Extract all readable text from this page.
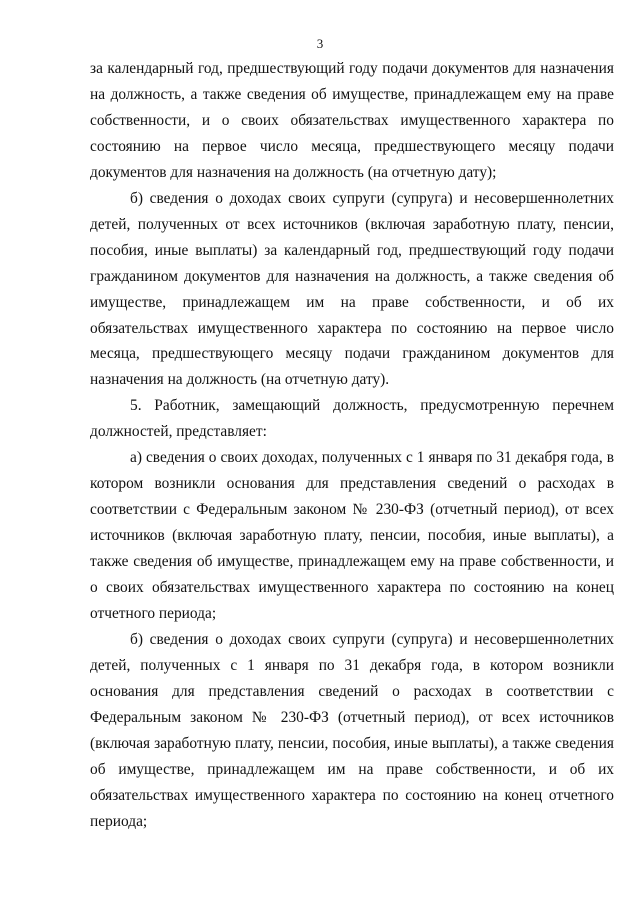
3

за календарный год, предшествующий году подачи документов для назначения на должность, а также сведения об имуществе, принадлежащем ему на праве собственности, и о своих обязательствах имущественного характера по состоянию на первое число месяца, предшествующего месяцу подачи документов для назначения на должность (на отчетную дату);

б) сведения о доходах своих супруги (супруга) и несовершеннолетних детей, полученных от всех источников (включая заработную плату, пенсии, пособия, иные выплаты) за календарный год, предшествующий году подачи гражданином документов для назначения на должность, а также сведения об имуществе, принадлежащем им на праве собственности, и об их обязательствах имущественного характера по состоянию на первое число месяца, предшествующего месяцу подачи гражданином документов для назначения на должность (на отчетную дату).

5. Работник, замещающий должность, предусмотренную перечнем должностей, представляет:

а) сведения о своих доходах, полученных с 1 января по 31 декабря года, в котором возникли основания для представления сведений о расходах в соответствии с Федеральным законом № 230-ФЗ (отчетный период), от всех источников (включая заработную плату, пенсии, пособия, иные выплаты), а также сведения об имуществе, принадлежащем ему на праве собственности, и о своих обязательствах имущественного характера по состоянию на конец отчетного периода;

б) сведения о доходах своих супруги (супруга) и несовершеннолетних детей, полученных с 1 января по 31 декабря года, в котором возникли основания для представления сведений о расходах в соответствии с Федеральным законом № 230-ФЗ (отчетный период), от всех источников (включая заработную плату, пенсии, пособия, иные выплаты), а также сведения об имуществе, принадлежащем им на праве собственности, и об их обязательствах имущественного характера по состоянию на конец отчетного периода;
